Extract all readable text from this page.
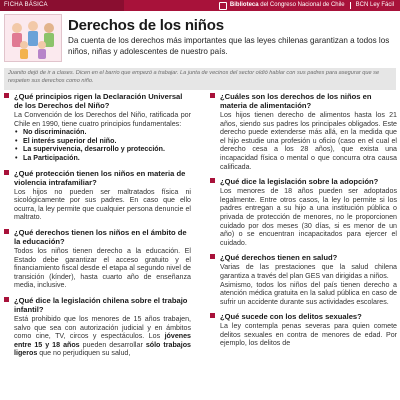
FICHA BÁSICA	Biblioteca del Congreso Nacional de Chile BCN Ley Fácil
Derechos de los niños

Da cuenta de los derechos más importantes que las leyes chilenas garantizan a todos los niños, niñas y adolescentes de nuestro país.

Juanito dejó de ir a clases. Dicen en el barrio que empezó a trabajar. La junta de vecinos del sector oídió hablar con sus padres para asegurar que se respeten sus derechos como niño.

¿Qué principios rigen la Declaración Universal de los Derechos del Niño?

La Convención de los Derechos del Niño, ratificada por Chile en 1990, tiene cuatro principios fundamentales:

• No discriminación.
• El interés superior del niño.
• La supervivencia, desarrollo y protección.
• La Participación.

¿Qué protección tienen los niños en materia de violencia intrafamiliar?

Los hijos no pueden ser maltratados física ni sicológicamente por sus padres. En caso que ello ocurra, la ley permite que cualquier persona denuncie el maltrato.

¿Qué derechos tienen los niños en el ámbito de la educación?

Todos los niños tienen derecho a la educación. El Estado debe garantizar el acceso gratuito y el financiamiento fiscal desde el etapa al segundo nivel de transición (kínder), hasta cuarto año de enseñanza media, inclusive.

¿Qué dice la legislación chilena sobre el trabajo infantil?

Está prohibido que los menores de 15 años trabajen, salvo que sea con autorización judicial y en ámbitos como cine, TV, circos y espectáculos. Los jóvenes entre 15 y 18 años pueden desarrollar sólo trabajos ligeros que no perjudiquen su salud,

¿Cuáles son los derechos de los niños en materia de alimentación?

Los hijos tienen derecho de alimentos hasta los 21 años, siendo sus padres los principales obligados. Este derecho puede extenderse más allá, en la medida que el hijo estudie una profesión u oficio (caso en el cual el derecho cesa a los 28 años), que exista una incapacidad física o mental o que concurra otra causa calificada.

¿Qué dice la legislación sobre la adopción?

Los menores de 18 años pueden ser adoptados legalmente. Entre otros casos, la ley lo permite si los padres entregan a su hijo a una institución pública o privada de protección de menores, no le proporcionen cuidado por dos meses (30 días, si es menor de un año) o se encuentran incapacitados para ejercer el cuidado.

¿Qué derechos tienen en salud?

Varias de las prestaciones que la salud chilena garantiza a través del plan GES van dirigidas a niños.
Asimismo, todos los niños del país tienen derecho a atención médica gratuita en la salud pública en caso de sufrir un accidente durante sus actividades escolares.

¿Qué sucede con los delitos sexuales?

La ley contempla penas severas para quien comete delitos sexuales en contra de menores de edad. Por ejemplo, los delitos de
